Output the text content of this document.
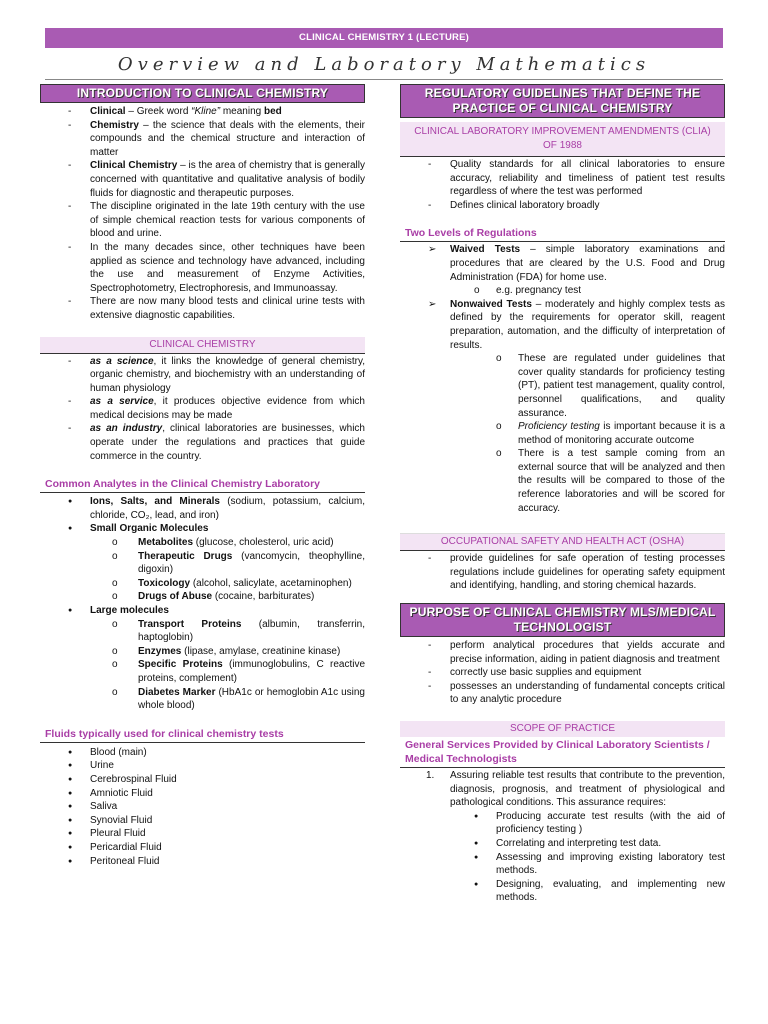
CLINICAL CHEMISTRY 1 (LECTURE)
Overview and Laboratory Mathematics
INTRODUCTION TO CLINICAL CHEMISTRY
- Clinical – Greek word “Kline” meaning bed
- Chemistry – the science that deals with the elements, their compounds and the chemical structure and interaction of matter
- Clinical Chemistry – is the area of chemistry that is generally concerned with quantitative and qualitative analysis of bodily fluids for diagnostic and therapeutic purposes.
- The discipline originated in the late 19th century with the use of simple chemical reaction tests for various components of blood and urine.
- In the many decades since, other techniques have been applied as science and technology have advanced, including the use and measurement of Enzyme Activities, Spectrophotometry, Electrophoresis, and Immunoassay.
- There are now many blood tests and clinical urine tests with extensive diagnostic capabilities.
CLINICAL CHEMISTRY
- as a science, it links the knowledge of general chemistry, organic chemistry, and biochemistry with an understanding of human physiology
- as a service, it produces objective evidence from which medical decisions may be made
- as an industry, clinical laboratories are businesses, which operate under the regulations and practices that guide commerce in the country.
Common Analytes in the Clinical Chemistry Laboratory
● Ions, Salts, and Minerals (sodium, potassium, calcium, chloride, CO₂, lead, and iron)
● Small Organic Molecules
o Metabolites (glucose, cholesterol, uric acid)
o Therapeutic Drugs (vancomycin, theophylline, digoxin)
o Toxicology (alcohol, salicylate, acetaminophen)
o Drugs of Abuse (cocaine, barbiturates)
● Large molecules
o Transport Proteins (albumin, transferrin, haptoglobin)
o Enzymes (lipase, amylase, creatinine kinase)
o Specific Proteins (immunoglobulins, C reactive proteins, complement)
o Diabetes Marker (HbA1c or hemoglobin A1c using whole blood)
Fluids typically used for clinical chemistry tests
● Blood (main)
● Urine
● Cerebrospinal Fluid
● Amniotic Fluid
● Saliva
● Synovial Fluid
● Pleural Fluid
● Pericardial Fluid
● Peritoneal Fluid
REGULATORY GUIDELINES THAT DEFINE THE PRACTICE OF CLINICAL CHEMISTRY
CLINICAL LABORATORY IMPROVEMENT AMENDMENTS (CLIA) OF 1988
- Quality standards for all clinical laboratories to ensure accuracy, reliability and timeliness of patient test results regardless of where the test was performed
- Defines clinical laboratory broadly
Two Levels of Regulations
➢ Waived Tests – simple laboratory examinations and procedures that are cleared by the U.S. Food and Drug Administration (FDA) for home use.
o e.g. pregnancy test
➢ Nonwaived Tests – moderately and highly complex tests as defined by the requirements for operator skill, reagent preparation, automation, and the difficulty of interpretation of results.
o These are regulated under guidelines that cover quality standards for proficiency testing (PT), patient test management, quality control, personnel qualifications, and quality assurance.
o Proficiency testing is important because it is a method of monitoring accurate outcome
o There is a test sample coming from an external source that will be analyzed and then the results will be compared to those of the reference laboratories and will be scored for accuracy.
OCCUPATIONAL SAFETY AND HEALTH ACT (OSHA)
- provide guidelines for safe operation of testing processes regulations include guidelines for operating safety equipment and identifying, handling, and storing chemical hazards.
PURPOSE OF CLINICAL CHEMISTRY MLS/MEDICAL TECHNOLOGIST
- perform analytical procedures that yields accurate and precise information, aiding in patient diagnosis and treatment
- correctly use basic supplies and equipment
- possesses an understanding of fundamental concepts critical to any analytic procedure
SCOPE OF PRACTICE
General Services Provided by Clinical Laboratory Scientists / Medical Technologists
1. Assuring reliable test results that contribute to the prevention, diagnosis, prognosis, and treatment of physiological and pathological conditions. This assurance requires:
● Producing accurate test results (with the aid of proficiency testing )
● Correlating and interpreting test data.
● Assessing and improving existing laboratory test methods.
● Designing, evaluating, and implementing new methods.
